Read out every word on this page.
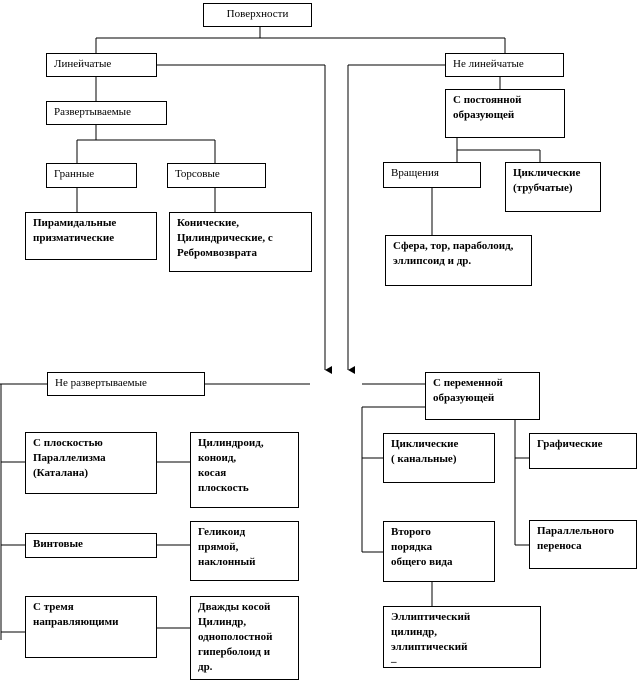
Поверхности
Линейчатые	Не линейчатые
Развертываемые
Гранные	Торсовые
Пирамидальные
призматические
Конические,
Цилиндрические, с
Ребромвозврата
С постоянной
образующей
Вращения	Циклические
(трубчатые)
Сфера, тор, параболоид,
эллипсоид и др.
Не развертываемые
С плоскостью
Параллелизма
(Каталана)
Цилиндроид,
коноид,
косая
плоскость
Винтовые
Геликоид
прямой,
наклонный
С тремя
направляющими
Дважды косой
Цилиндр,
однополостной
гиперболоид и
др.
С переменной
образующей
Циклические
( канальные)
Графические
Второго
порядка
общего вида
Параллельного
переноса
Эллиптический
цилиндр,
эллиптический
–
